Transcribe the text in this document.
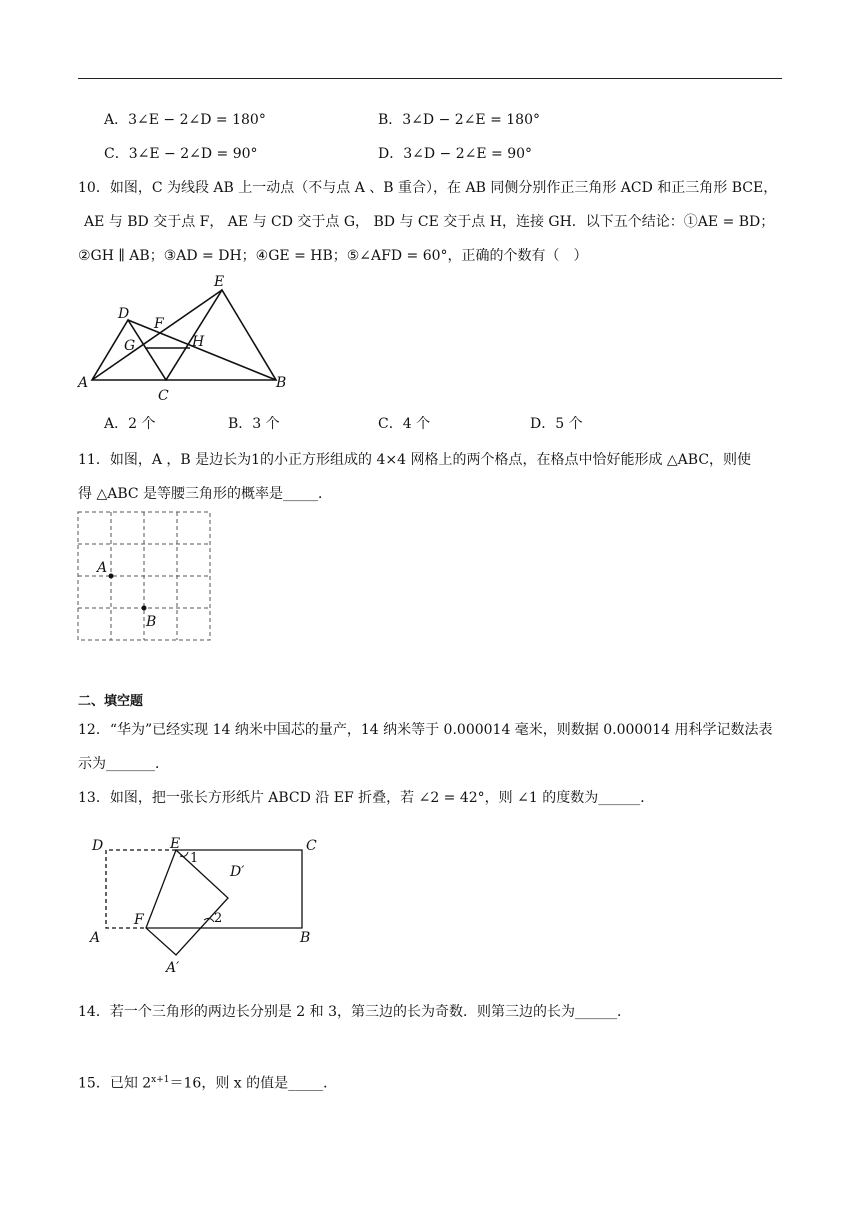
A．3∠E − 2∠D = 180°	B．3∠D − 2∠E = 180°
C．3∠E − 2∠D = 90°	D．3∠D − 2∠E = 90°
10．如图，C 为线段 AB 上一动点（不与点 A 、B 重合），在 AB 同侧分别作正三角形 ACD 和正三角形 BCE，
AE 与 BD 交于点 F， AE 与 CD 交于点 G， BD 与 CE 交于点 H，连接 GH．以下五个结论：①AE = BD；
②GH ∥ AB；③AD = DH；④GE = HB；⑤∠AFD = 60°，正确的个数有（　）
A	B
C
D
E
F
G	H
A．2 个	B．3 个	C．4 个	D．5 个
11．如图，A ，B 是边长为1的小正方形组成的 4×4 网格上的两个格点，在格点中恰好能形成 △ABC，则使
得 △ABC 是等腰三角形的概率是_____．
A
B
二、填空题
12．“华为”已经实现 14 纳米中国芯的量产，14 纳米等于 0.000014 毫米，则数据 0.000014 用科学记数法表
示为_______．
13．如图，把一张长方形纸片 ABCD 沿 EF 折叠，若 ∠2 = 42°，则 ∠1 的度数为______．
D	E	C
A
F
B
D′
A′
1
2
14．若一个三角形的两边长分别是 2 和 3，第三边的长为奇数．则第三边的长为______．
15．已知 $2^{x+1}=16$，则 x 的值是_____．
